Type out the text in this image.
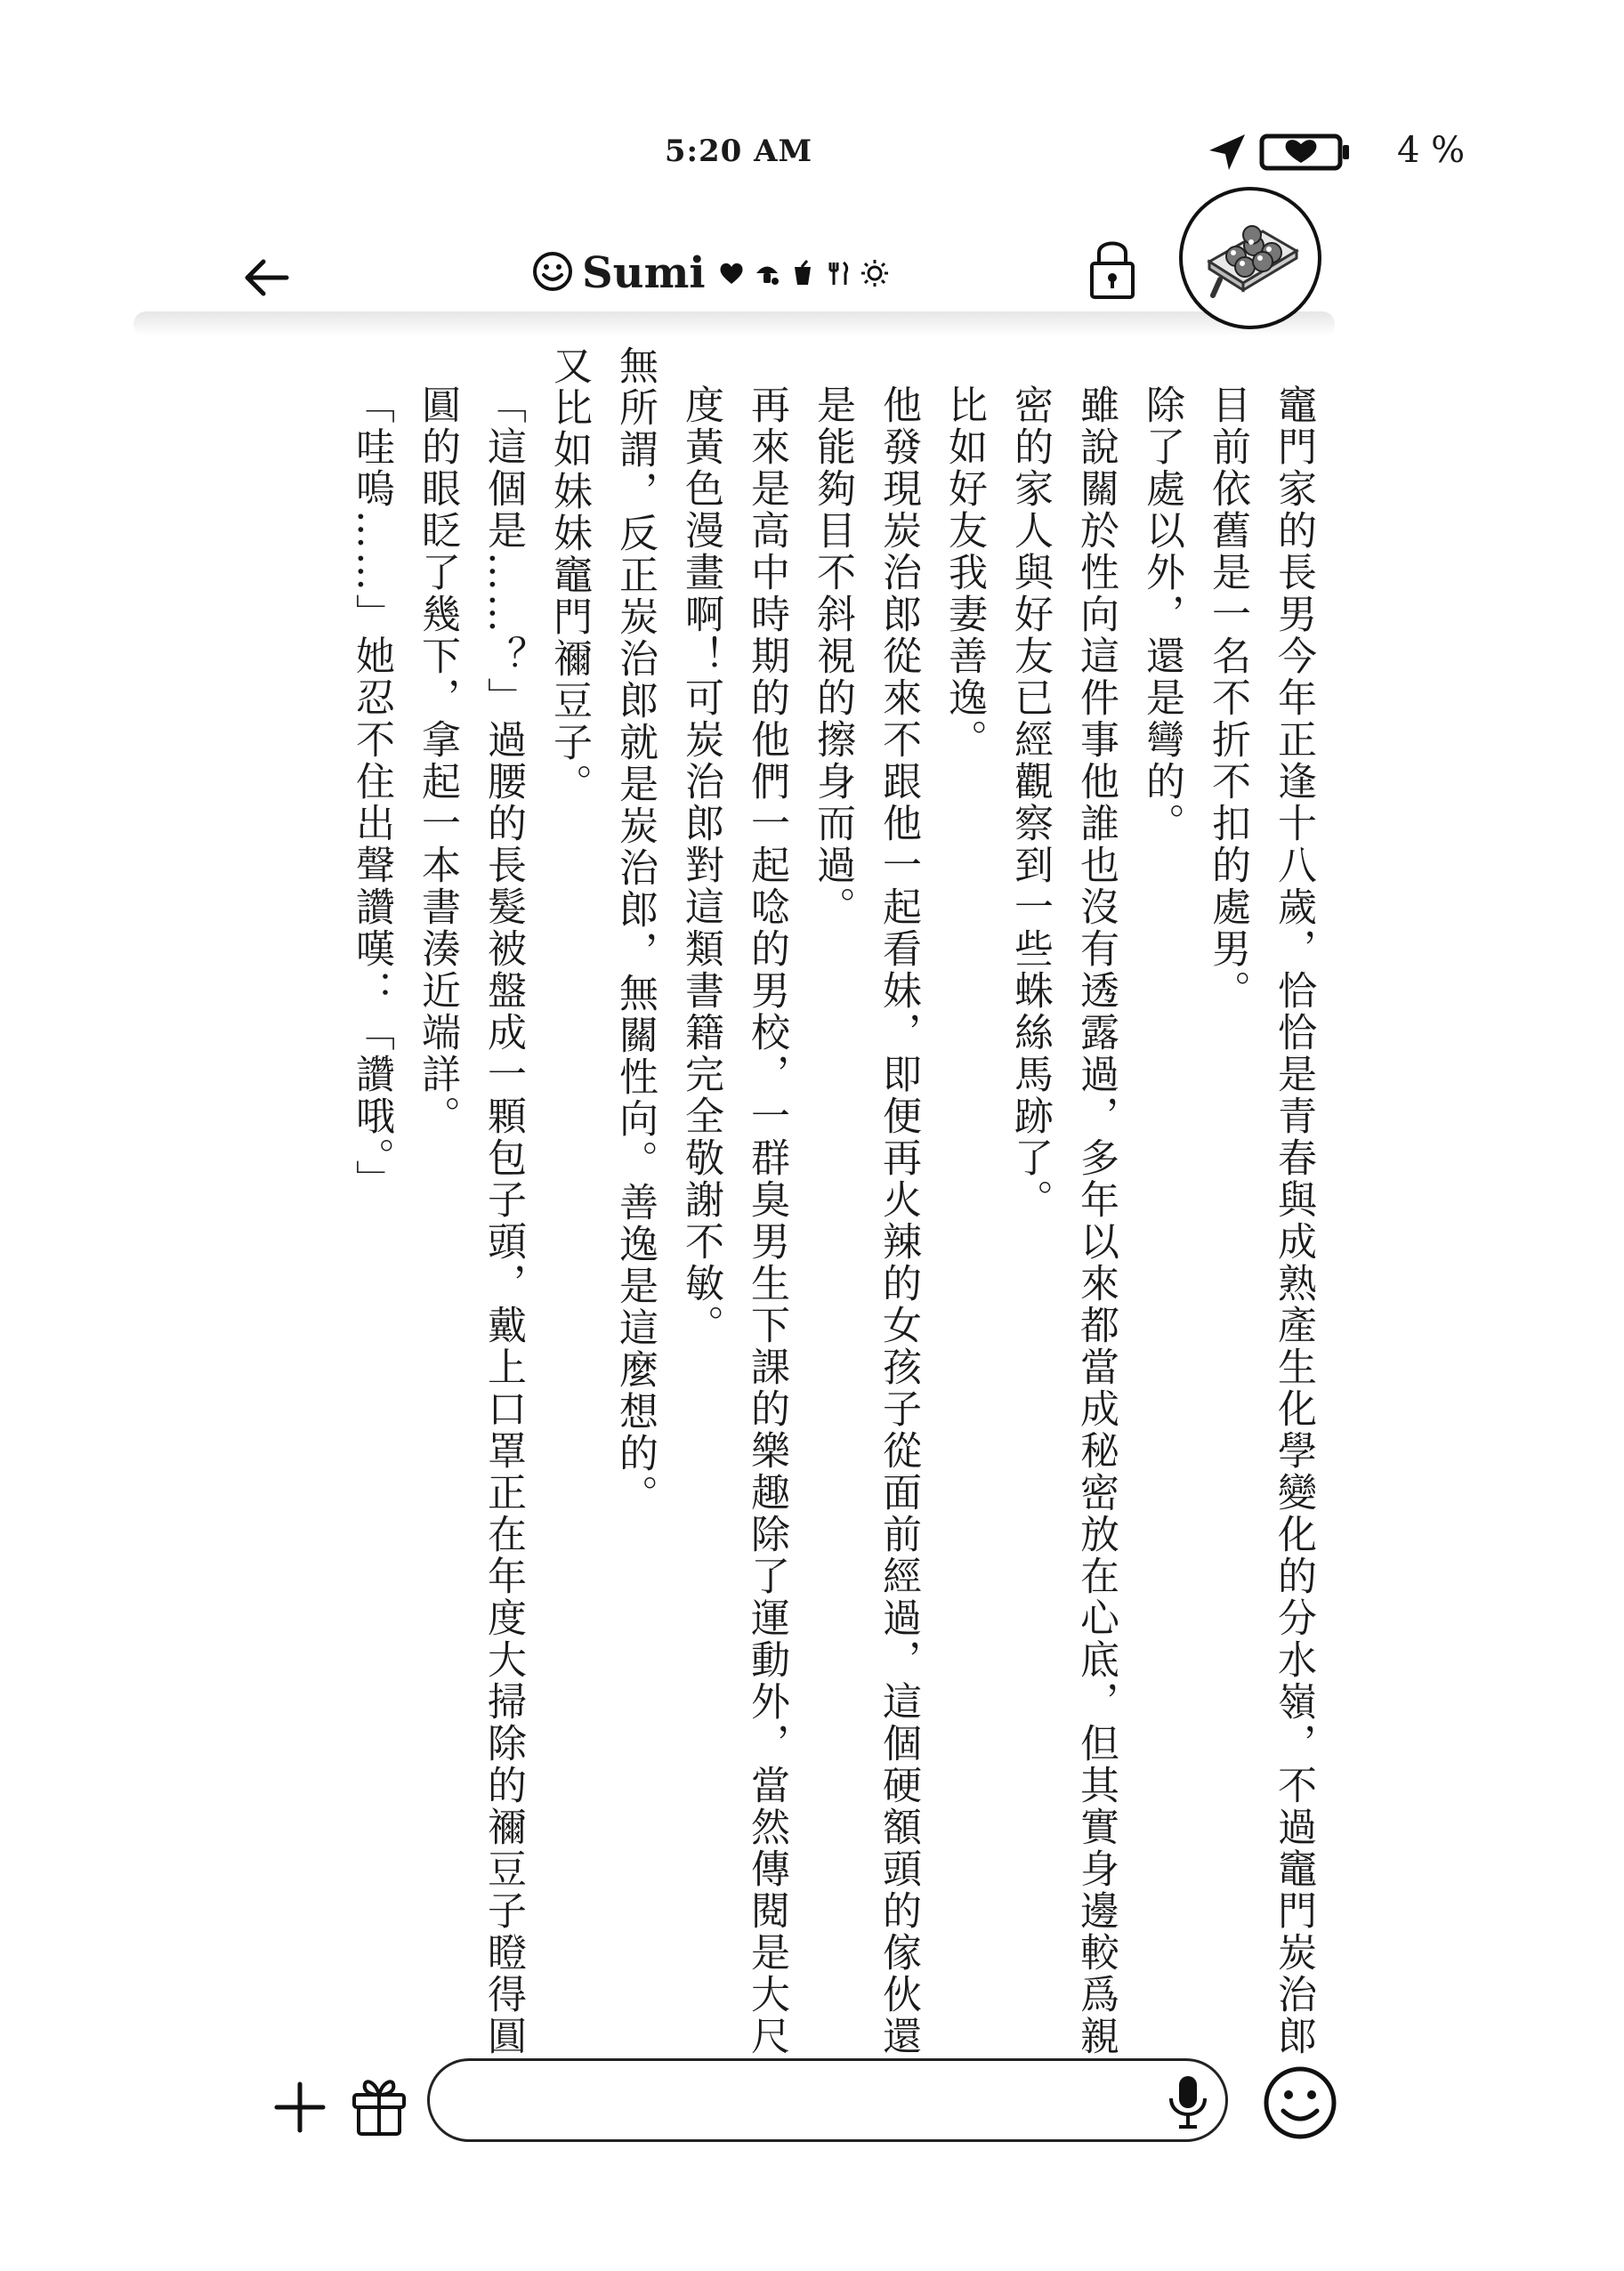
5:20 AM	4 %
Sumi

竈門家的長男今年正逢十八歲，恰恰是青春與成熟產生化學變化的分水嶺，不過竈門炭治郎目前依舊是一名不折不扣的處男。

除了處以外，還是彎的。

雖說關於性向這件事他誰也沒有透露過，多年以來都當成秘密放在心底，但其實身邊較爲親密的家人與好友已經觀察到一些蛛絲馬跡了。

比如好友我妻善逸。

他發現炭治郎從來不跟他一起看妹，即便再火辣的女孩子從面前經過，這個硬額頭的傢伙還是能夠目不斜視的擦身而過。

再來是高中時期的他們一起唸的男校，一群臭男生下課的樂趣除了運動外，當然傳閱是大尺度黃色漫畫啊！可炭治郎對這類書籍完全敬謝不敏。

無所謂，反正炭治郎就是炭治郎，無關性向。善逸是這麼想的。

又比如妹妹竈門禰豆子。

「這個是……？」過腰的長髮被盤成一顆包子頭，戴上口罩正在年度大掃除的禰豆子瞪得圓圓的眼眨了幾下，拿起一本書湊近端詳。

「哇嗚……」她忍不住出聲讚嘆：「讚哦。」
